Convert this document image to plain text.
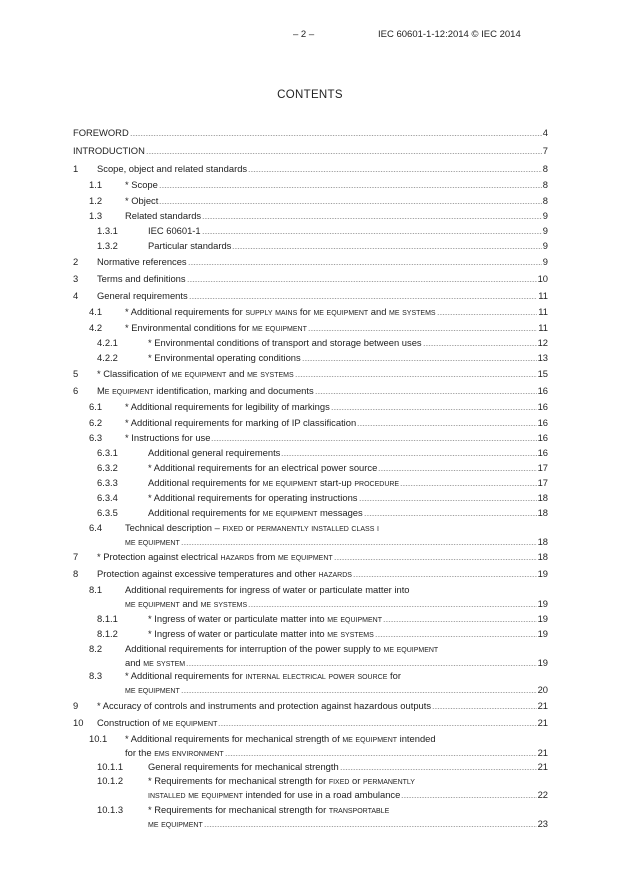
– 2 –	IEC 60601-1-12:2014 © IEC 2014
CONTENTS
FOREWORD	4
INTRODUCTION	7
1 Scope, object and related standards	8
1.1 * Scope	8
1.2 * Object	8
1.3 Related standards	9
1.3.1	IEC 60601-1	9
1.3.2	Particular standards	9
2 Normative references	9
3 Terms and definitions	10
4 General requirements	11
4.1 * Additional requirements for supply mains for me equipment and me systems	11
4.2 * Environmental conditions for me equipment	11
4.2.1	* Environmental conditions of transport and storage between uses	12
4.2.2	* Environmental operating conditions	13
5 * Classification of me equipment and me systems	15
6 Me equipment identification, marking and documents	16
6.1 * Additional requirements for legibility of markings	16
6.2 * Additional requirements for marking of IP classification	16
6.3 * Instructions for use	16
6.3.1	Additional general requirements	16
6.3.2	* Additional requirements for an electrical power source	17
6.3.3	Additional requirements for me equipment start-up procedure	17
6.3.4	* Additional requirements for operating instructions	18
6.3.5	Additional requirements for me equipment messages	18
6.4 Technical description – fixed or permanently installed class i
me equipment	18
7 * Protection against electrical hazards from me equipment	18
8 Protection against excessive temperatures and other hazards	19
8.1 Additional requirements for ingress of water or particulate matter into
me equipment and me systems	19
8.1.1	* Ingress of water or particulate matter into me equipment	19
8.1.2	* Ingress of water or particulate matter into me systems	19
8.2 Additional requirements for interruption of the power supply to me equipment
and me system	19
8.3 * Additional requirements for internal electrical power source for
me equipment	20
9 * Accuracy of controls and instruments and protection against hazardous outputs	21
10 Construction of me equipment	21
10.1 * Additional requirements for mechanical strength of me equipment intended
for the ems environment	21
10.1.1	General requirements for mechanical strength	21
10.1.2	* Requirements for mechanical strength for fixed or permanently
installed me equipment intended for use in a road ambulance	22
10.1.3	* Requirements for mechanical strength for transportable
me equipment	23
